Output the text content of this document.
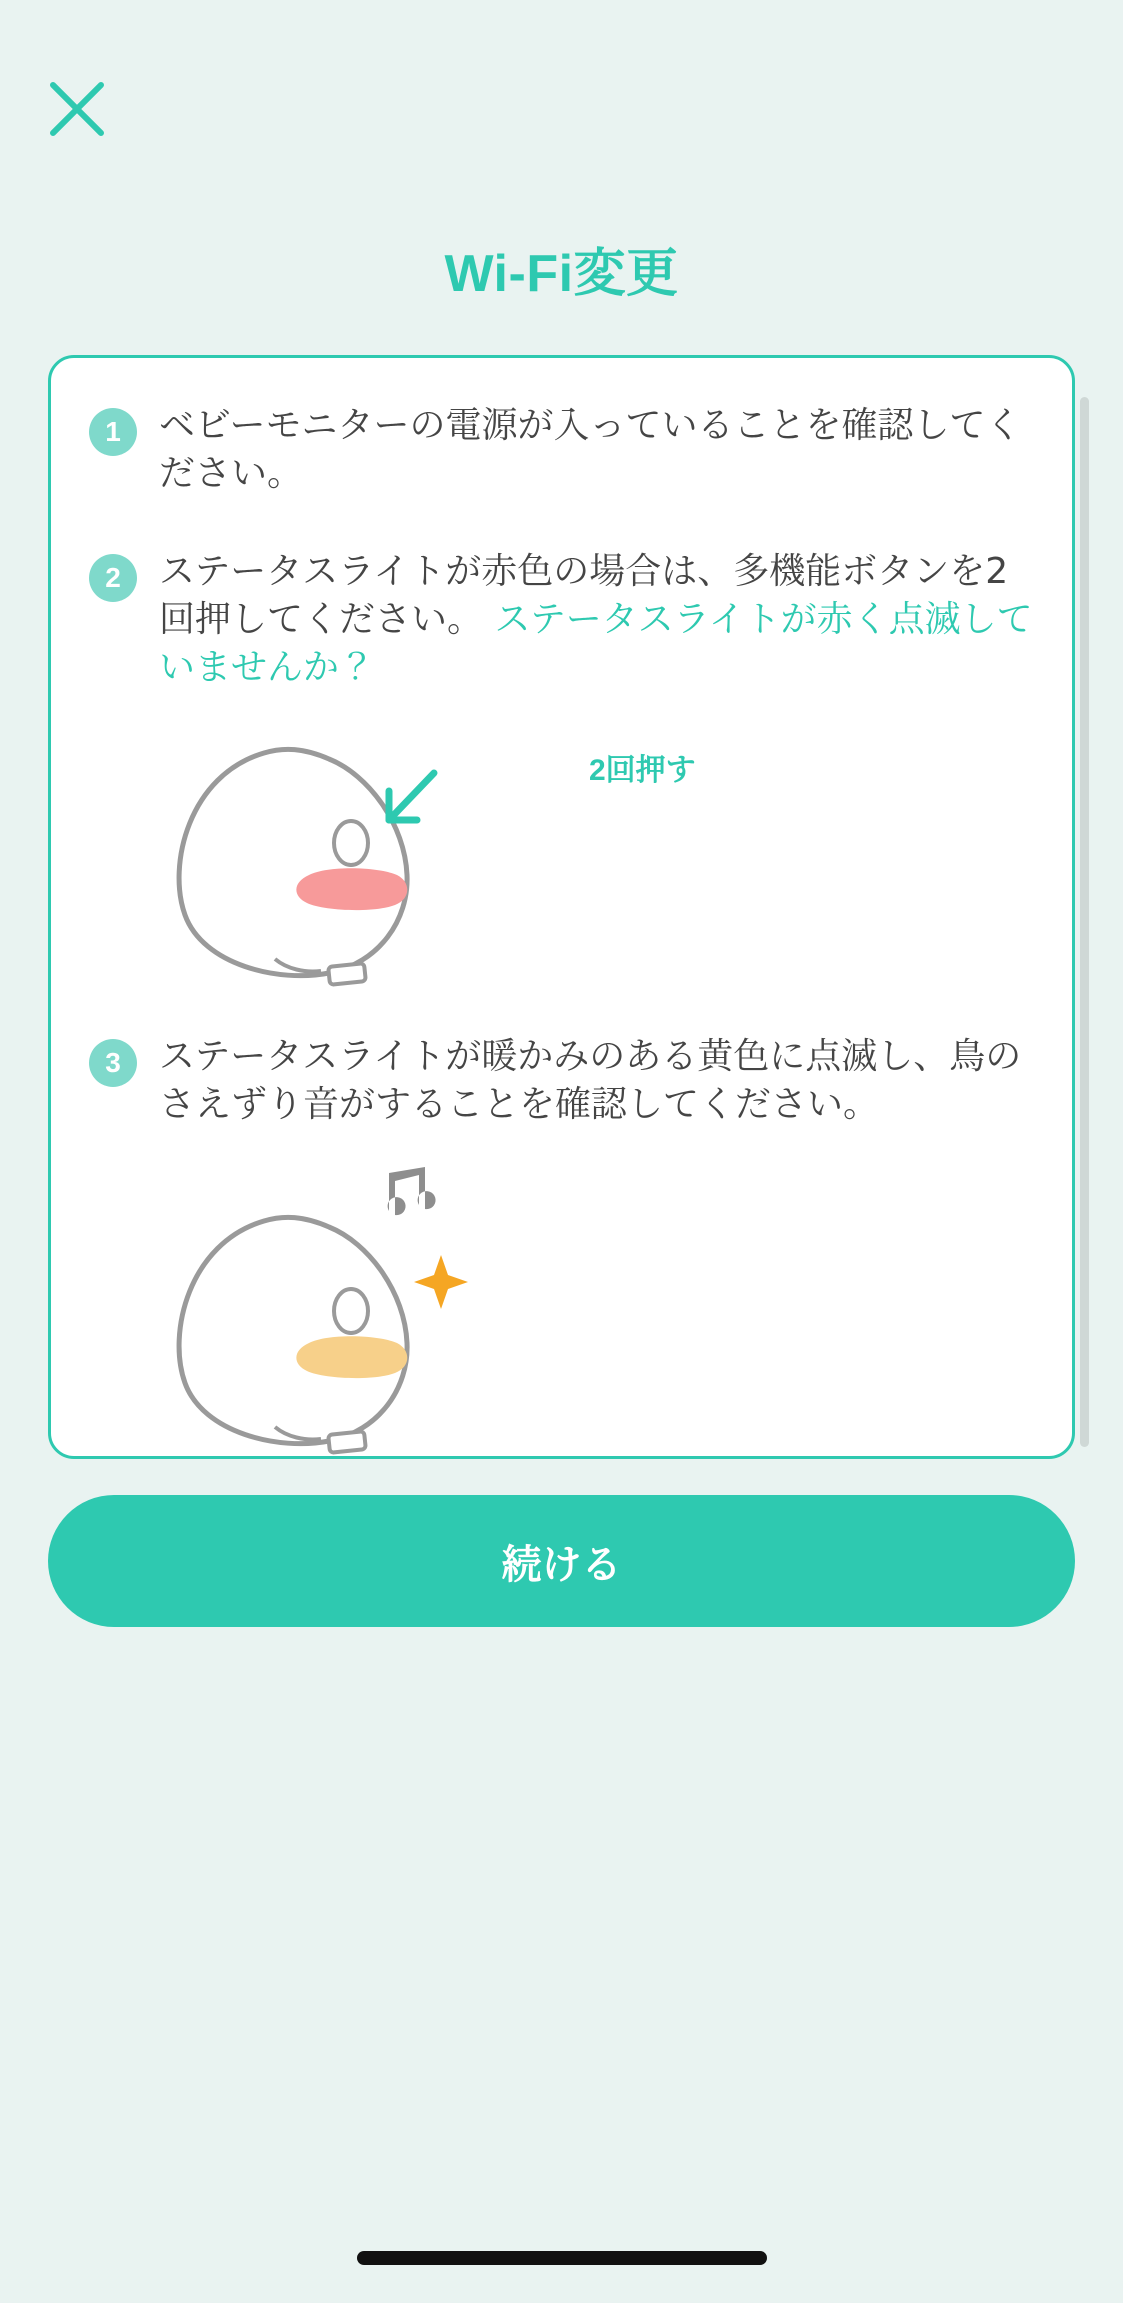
Wi-Fi変更
1	ベビーモニターの電源が入っていることを確認してください。
2	ステータスライトが赤色の場合は、多機能ボタンを2回押してください。 ステータスライトが赤く点滅していませんか？
2回押す
3	ステータスライトが暖かみのある黄色に点滅し、鳥のさえずり音がすることを確認してください。
続ける
